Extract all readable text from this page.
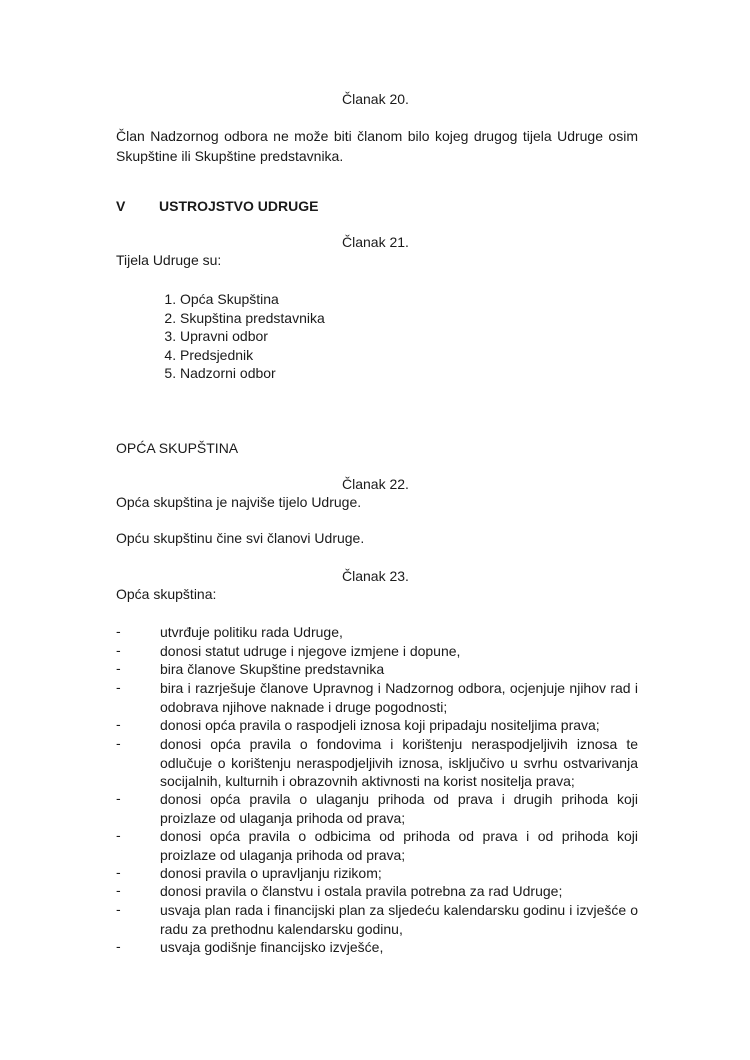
Članak 20.
Član Nadzornog odbora ne može biti članom bilo kojeg drugog tijela Udruge osim Skupštine ili Skupštine predstavnika.
V USTROJSTVO UDRUGE
Članak 21.
Tijela Udruge su:
1. Opća Skupština
2. Skupština predstavnika
3. Upravni odbor
4. Predsjednik
5. Nadzorni odbor
OPĆA SKUPŠTINA
Članak 22.
Opća skupština je najviše tijelo Udruge.
Opću skupštinu čine svi članovi Udruge.
Članak 23.
Opća skupština:
-	utvrđuje politiku rada Udruge,
-	donosi statut udruge i njegove izmjene i dopune,
-	bira članove Skupštine predstavnika
-	bira i razrješuje članove Upravnog i Nadzornog odbora, ocjenjuje njihov rad i odobrava njihove naknade i druge pogodnosti;
-	donosi opća pravila o raspodjeli iznosa koji pripadaju nositeljima prava;
-	donosi opća pravila o fondovima i korištenju neraspodjeljivih iznosa te odlučuje o korištenju neraspodjeljivih iznosa, isključivo u svrhu ostvarivanja socijalnih, kulturnih i obrazovnih aktivnosti na korist nositelja prava;
-	donosi opća pravila o ulaganju prihoda od prava i drugih prihoda koji proizlaze od ulaganja prihoda od prava;
-	donosi opća pravila o odbicima od prihoda od prava i od prihoda koji proizlaze od ulaganja prihoda od prava;
-	donosi pravila o upravljanju rizikom;
-	donosi pravila o članstvu i ostala pravila potrebna za rad Udruge;
-	usvaja plan rada i financijski plan za sljedeću kalendarsku godinu i izvješće o radu za prethodnu kalendarsku godinu,
-	usvaja godišnje financijsko izvješće,
